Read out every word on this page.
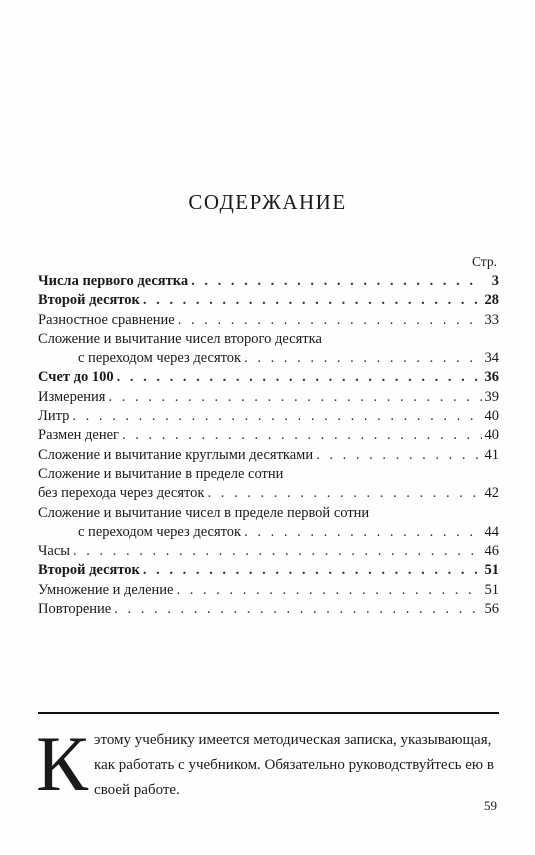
СОДЕРЖАНИЕ
Стр.
Числа первого десятка . . .	3
Второй десяток . . .	28
Разностное сравнение . . .	33
Сложение и вычитание чисел второго десятка
с переходом через десяток . . .	34
Счет до 100 . . .	36
Измерения . . .	39
Литр . . .	40
Размен денег . . .	40
Сложение и вычитание круглыми десятками . . .	41
Сложение и вычитание в пределе сотни
без перехода через десяток . . .	42
Сложение и вычитание чисел в пределе первой сотни
с переходом через десяток . . .	44
Часы . . .	46
Второй десяток . . .	51
Умножение и деление . . .	51
Повторение . . .	56
Кэтому учебнику имеется методическая записка, указывающая, как работать с учебником. Обязательно руководствуйтесь ею в своей работе.
59
